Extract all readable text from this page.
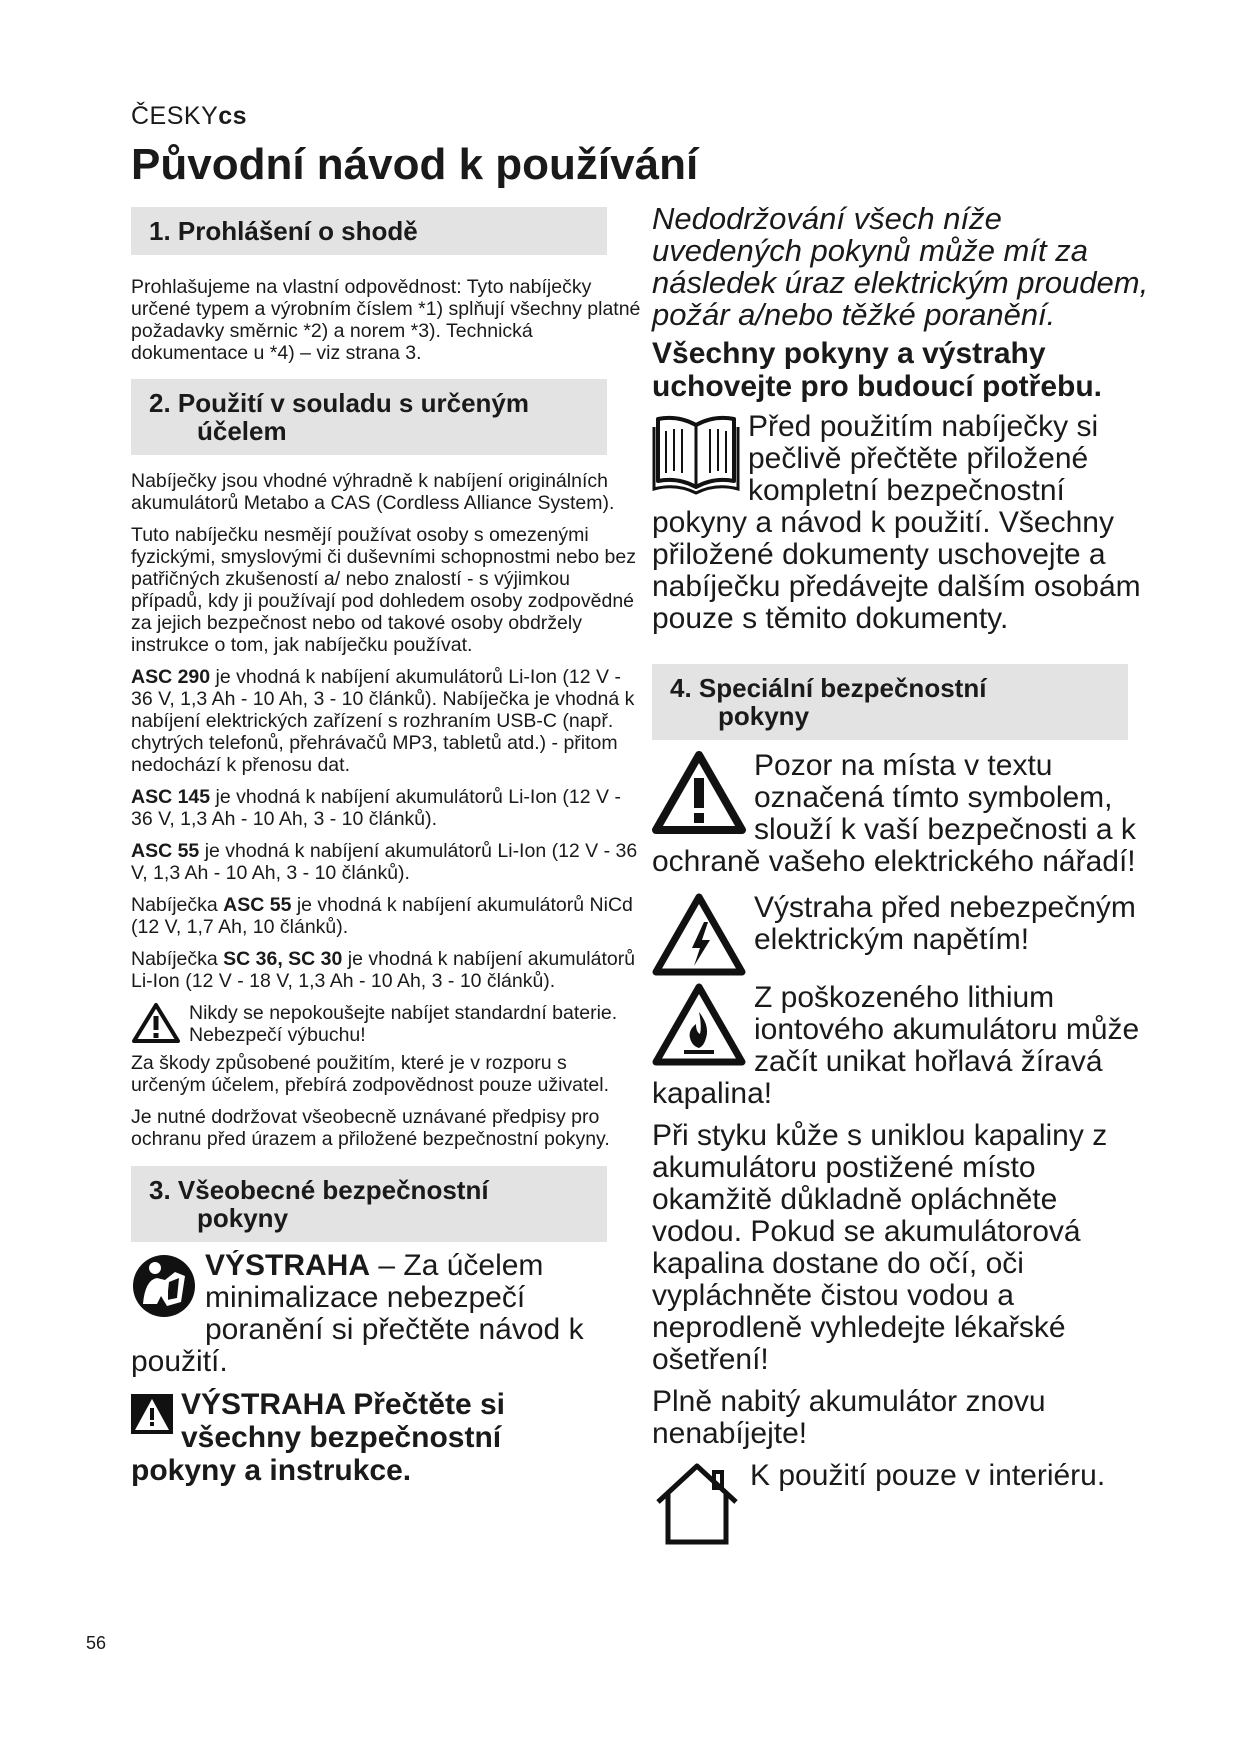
ČESKYcs
Původní návod k používání
1. Prohlášení o shodě

Prohlašujeme na vlastní odpovědnost: Tyto nabíječky určené typem a výrobním číslem *1) splňují všechny platné požadavky směrnic *2) a norem *3). Technická dokumentace u *4) – viz strana 3.

2. Použití v souladu s určeným
účelem

Nabíječky jsou vhodné výhradně k nabíjení originálních akumulátorů Metabo a CAS (Cordless Alliance System).

Tuto nabíječku nesmějí používat osoby s omezenými fyzickými, smyslovými či duševními schopnostmi nebo bez patřičných zkušeností a/ nebo znalostí - s výjimkou případů, kdy ji používají pod dohledem osoby zodpovědné za jejich bezpečnost nebo od takové osoby obdržely instrukce o tom, jak nabíječku používat.

ASC 290 je vhodná k nabíjení akumulátorů Li-Ion (12 V - 36 V, 1,3 Ah - 10 Ah, 3 - 10 článků). Nabíječka je vhodná k nabíjení elektrických zařízení s rozhraním USB-C (např. chytrých telefonů, přehrávačů MP3, tabletů atd.) - přitom nedochází k přenosu dat.

ASC 145 je vhodná k nabíjení akumulátorů Li-Ion (12 V - 36 V, 1,3 Ah - 10 Ah, 3 - 10 článků).

ASC 55 je vhodná k nabíjení akumulátorů Li-Ion (12 V - 36 V, 1,3 Ah - 10 Ah, 3 - 10 článků).

Nabíječka ASC 55 je vhodná k nabíjení akumulátorů NiCd (12 V, 1,7 Ah, 10 článků).

Nabíječka SC 36, SC 30 je vhodná k nabíjení akumulátorů Li-Ion (12 V - 18 V, 1,3 Ah - 10 Ah, 3 - 10 článků).

Nikdy se nepokoušejte nabíjet standardní baterie. Nebezpečí výbuchu!

Za škody způsobené použitím, které je v rozporu s určeným účelem, přebírá zodpovědnost pouze uživatel.

Je nutné dodržovat všeobecně uznávané předpisy pro ochranu před úrazem a přiložené bezpečnostní pokyny.

3. Všeobecné bezpečnostní
pokyny

VÝSTRAHA – Za účelem minimalizace nebezpečí poranění si přečtěte návod k použití.

VÝSTRAHA Přečtěte si všechny bezpečnostní pokyny a instrukce.

Nedodržování všech níže uvedených pokynů může mít za následek úraz elektrickým proudem, požár a/nebo těžké poranění.

Všechny pokyny a výstrahy uchovejte pro budoucí potřebu.

Před použitím nabíječky si pečlivě přečtěte přiložené kompletní bezpečnostní pokyny a návod k použití. Všechny přiložené dokumenty uschovejte a nabíječku předávejte dalším osobám pouze s těmito dokumenty.

4. Speciální bezpečnostní
pokyny

Pozor na místa v textu označená tímto symbolem, slouží k vaší bezpečnosti a k ochraně vašeho elektrického nářadí!

Výstraha před nebezpečným elektrickým napětím!

Z poškozeného lithium iontového akumulátoru může začít unikat hořlavá žíravá kapalina!

Při styku kůže s uniklou kapaliny z akumulátoru postižené místo okamžitě důkladně opláchněte vodou. Pokud se akumulátorová kapalina dostane do očí, oči vypláchněte čistou vodou a neprodleně vyhledejte lékařské ošetření!

Plně nabitý akumulátor znovu nenabíjejte!

K použití pouze v interiéru.

56
